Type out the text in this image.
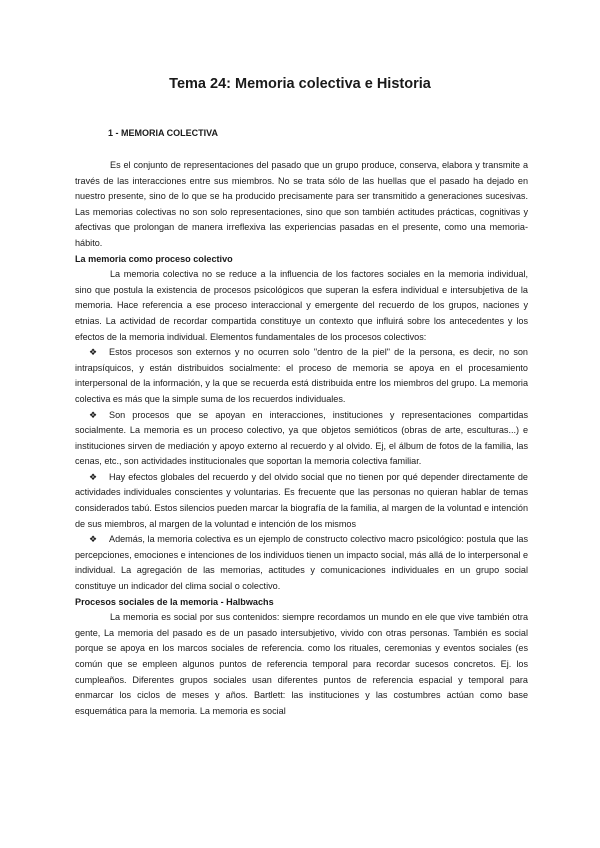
Tema 24: Memoria colectiva e Historia
1 - MEMORIA COLECTIVA

Es el conjunto de representaciones del pasado que un grupo produce, conserva, elabora y transmite a través de las interacciones entre sus miembros. No se trata sólo de las huellas que el pasado ha dejado en nuestro presente, sino de lo que se ha producido precisamente para ser transmitido a generaciones sucesivas. Las memorias colectivas no son solo representaciones, sino que son también actitudes prácticas, cognitivas y afectivas que prolongan de manera irreflexiva las experiencias pasadas en el presente, como una memoria-hábito.

La memoria como proceso colectivo

La memoria colectiva no se reduce a la influencia de los factores sociales en la memoria individual, sino que postula la existencia de procesos psicológicos que superan la esfera individual e intersubjetiva de la memoria. Hace referencia a ese proceso interaccional y emergente del recuerdo de los grupos, naciones y etnias. La actividad de recordar compartida constituye un contexto que influirá sobre los antecedentes y los efectos de la memoria individual. Elementos fundamentales de los procesos colectivos:

❖ Estos procesos son externos y no ocurren solo "dentro de la piel" de la persona, es decir, no son intrapsíquicos, y están distribuidos socialmente: el proceso de memoria se apoya en el procesamiento interpersonal de la información, y la que se recuerda está distribuida entre los miembros del grupo. La memoria colectiva es más que la simple suma de los recuerdos individuales.

❖ Son procesos que se apoyan en interacciones, instituciones y representaciones compartidas socialmente. La memoria es un proceso colectivo, ya que objetos semióticos (obras de arte, esculturas...) e instituciones sirven de mediación y apoyo externo al recuerdo y al olvido. Ej, el álbum de fotos de la familia, las cenas, etc., son actividades institucionales que soportan la memoria colectiva familiar.

❖ Hay efectos globales del recuerdo y del olvido social que no tienen por qué depender directamente de actividades individuales conscientes y voluntarias. Es frecuente que las personas no quieran hablar de temas considerados tabú. Estos silencios pueden marcar la biografía de la familia, al margen de la voluntad e intención de sus miembros, al margen de la voluntad e intención de los mismos

❖ Además, la memoria colectiva es un ejemplo de constructo colectivo macro psicológico: postula que las percepciones, emociones e intenciones de los individuos tienen un impacto social, más allá de lo interpersonal e individual. La agregación de las memorias, actitudes y comunicaciones individuales en un grupo social constituye un indicador del clima social o colectivo.

Procesos sociales de la memoria - Halbwachs

La memoria es social por sus contenidos: siempre recordamos un mundo en ele que vive también otra gente, La memoria del pasado es de un pasado intersubjetivo, vivido con otras personas. También es social porque se apoya en los marcos sociales de referencia. como los rituales, ceremonias y eventos sociales (es común que se empleen algunos puntos de referencia temporal para recordar sucesos concretos. Ej. los cumpleaños. Diferentes grupos sociales usan diferentes puntos de referencia espacial y temporal para enmarcar los ciclos de meses y años. Bartlett: las instituciones y las costumbres actúan como base esquemática para la memoria. La memoria es social
